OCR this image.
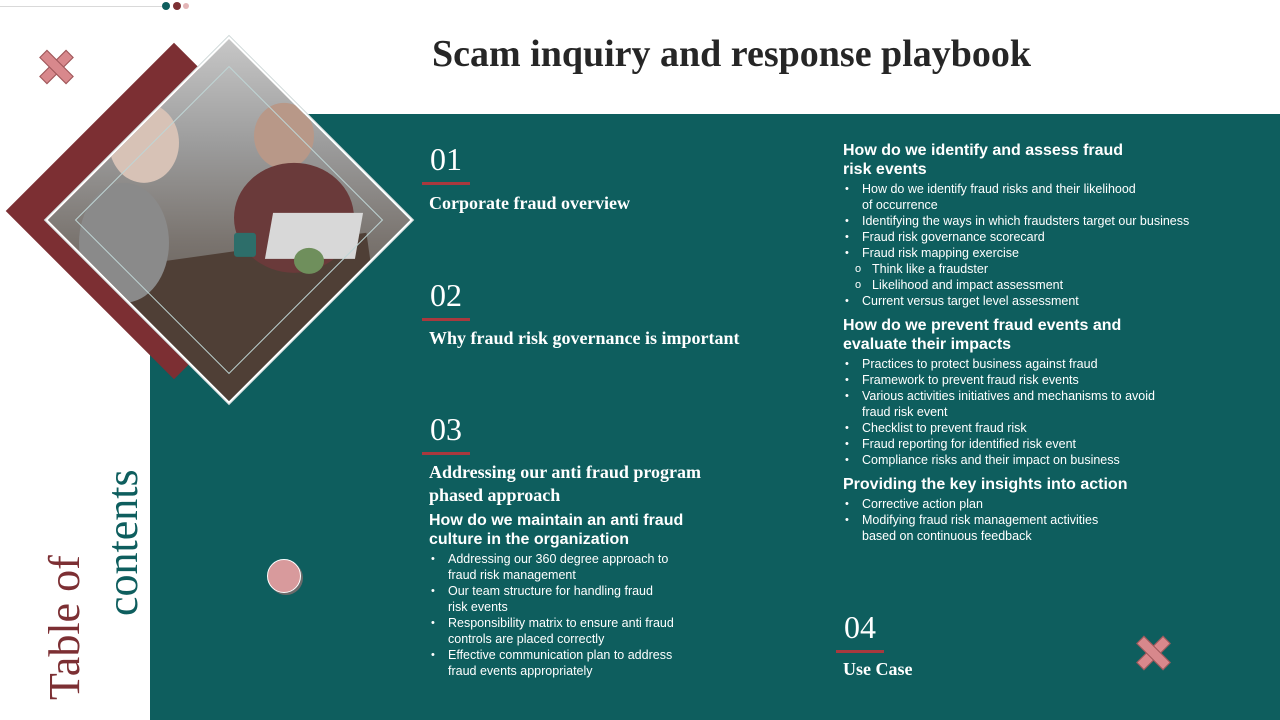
Scam inquiry and response playbook
Table of
contents
01
Corporate fraud overview
02
Why fraud risk governance is important
03
Addressing our anti fraud program
phased approach
How do we maintain an anti fraud
culture in the organization
• Addressing our 360 degree approach to
fraud risk management
• Our team structure for handling fraud
risk events
• Responsibility matrix to ensure anti fraud
controls are placed correctly
• Effective communication plan to address
fraud events appropriately
How do we identify and assess fraud
risk events
• How do we identify fraud risks and their likelihood
of occurrence
• Identifying the ways in which fraudsters target our business
• Fraud risk governance scorecard
• Fraud risk mapping exercise
o Think like a fraudster
o Likelihood and impact assessment
• Current versus target level assessment
How do we prevent fraud events and
evaluate their impacts
• Practices to protect business against fraud
• Framework to prevent fraud risk events
• Various activities initiatives and mechanisms to avoid
fraud risk event
• Checklist to prevent fraud risk
• Fraud reporting for identified risk event
• Compliance risks and their impact on business
Providing the key insights into action
• Corrective action plan
• Modifying fraud risk management activities
based on continuous feedback
04
Use Case
